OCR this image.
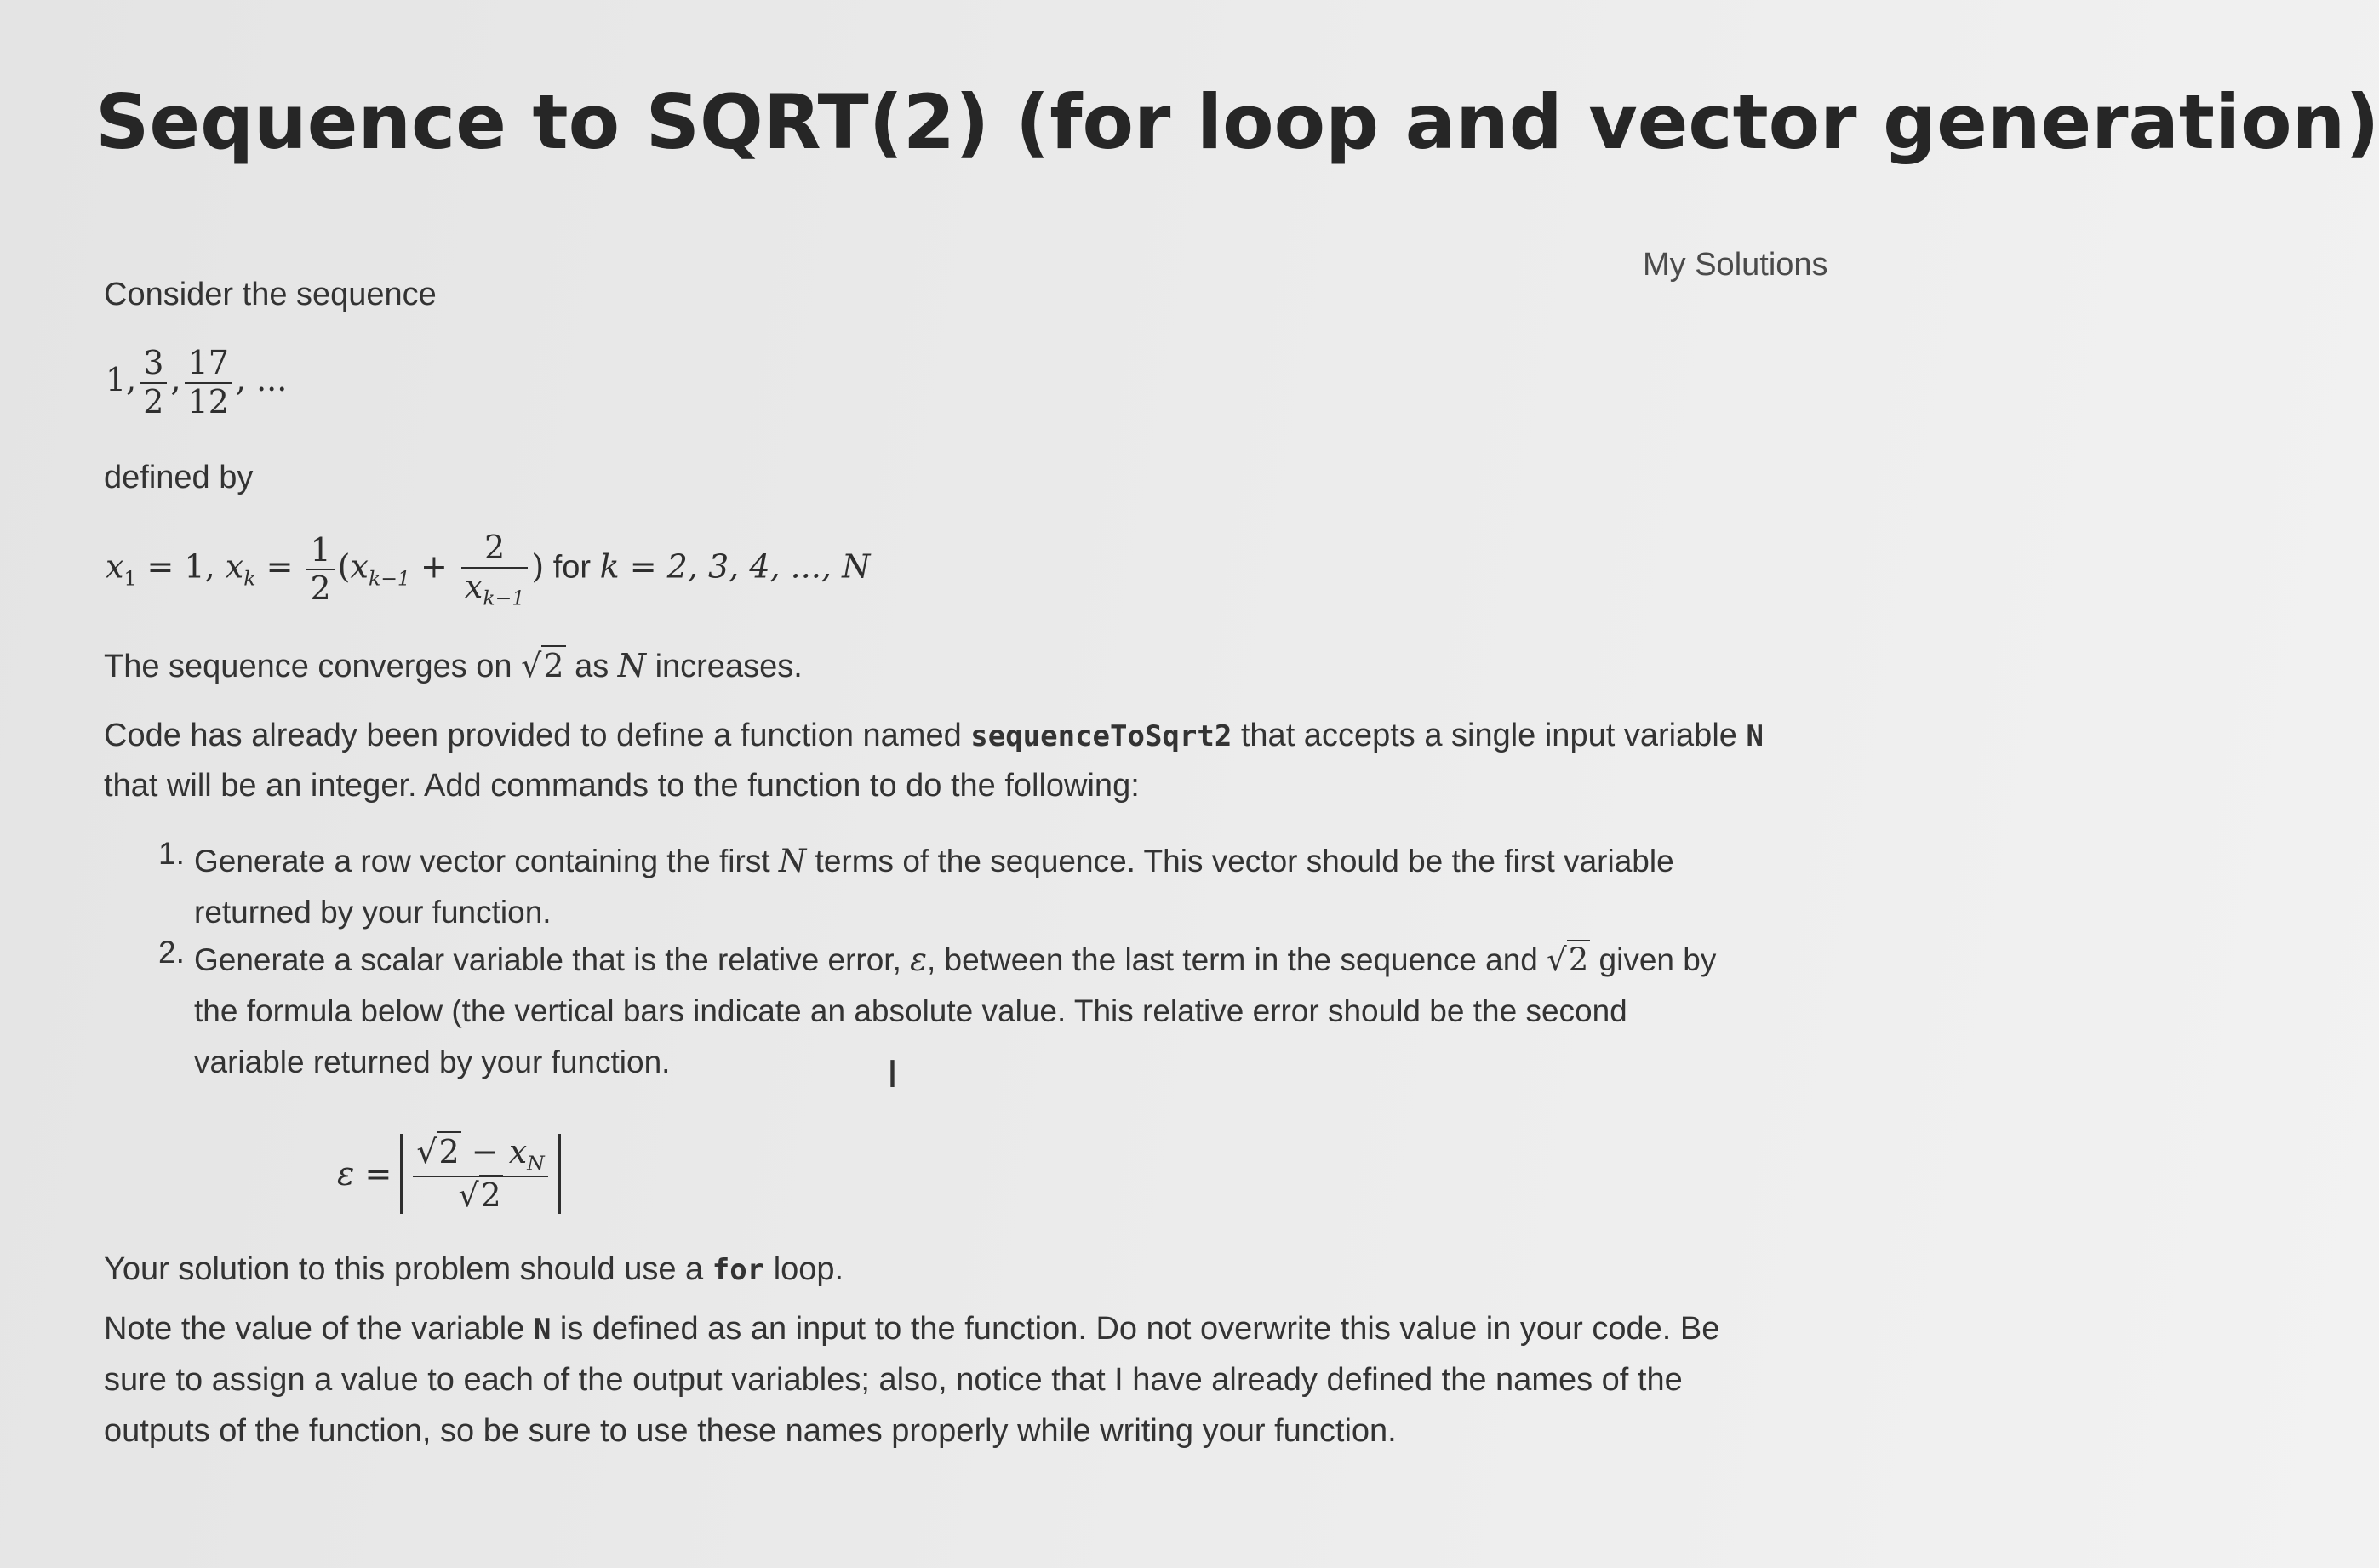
Sequence to SQRT(2) (for loop and vector generation)
My Solutions
Consider the sequence
1, $\frac{3}{2}$ , $\frac{17}{12}$ , ...
defined by
$x_1 = 1$, $x_k = \frac{1}{2} (x_{k-1} + \frac{2}{x_{k-1}}$ ) for k = 2, 3, 4, ..., N
The sequence converges on √2 as N increases.
Code has already been provided to define a function named sequenceToSqrt2 that accepts a single input variable N
that will be an integer. Add commands to the function to do the following:
1. Generate a row vector containing the first N terms of the sequence. This vector should be the first variable
returned by your function.
2. Generate a scalar variable that is the relative error, ε, between the last term in the sequence and √2 given by
the formula below (the vertical bars indicate an absolute value. This relative error should be the second
variable returned by your function.	I
$\varepsilon = \frac{√2 - x_N}{√2}$
Your solution to this problem should use a for loop.
Note the value of the variable N is defined as an input to the function. Do not overwrite this value in your code. Be
sure to assign a value to each of the output variables; also, notice that I have already defined the names of the
outputs of the function, so be sure to use these names properly while writing your function.
